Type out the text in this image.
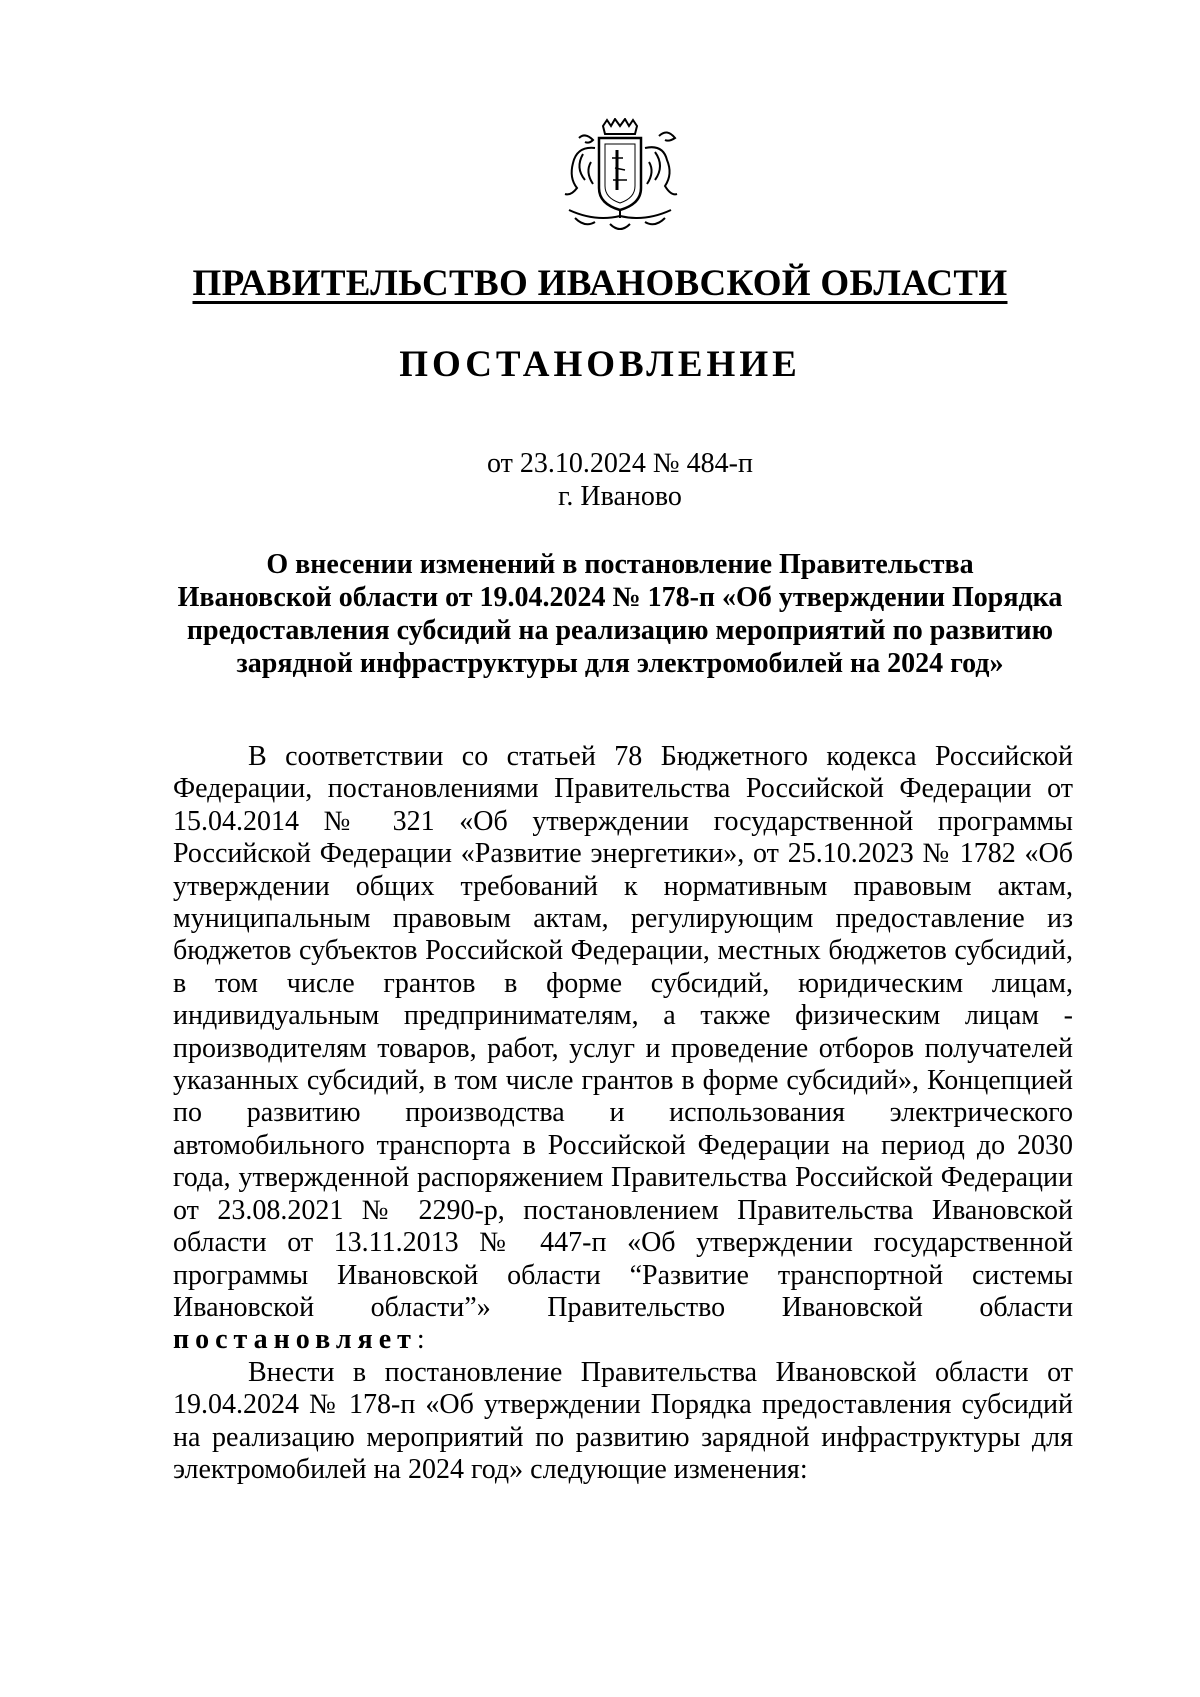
ПРАВИТЕЛЬСТВО ИВАНОВСКОЙ ОБЛАСТИ
ПОСТАНОВЛЕНИЕ
от 23.10.2024 № 484-п
г. Иваново
О внесении изменений в постановление Правительства
Ивановской области от 19.04.2024 № 178-п «Об утверждении Порядка
предоставления субсидий на реализацию мероприятий по развитию
зарядной инфраструктуры для электромобилей на 2024 год»

В соответствии со статьей 78 Бюджетного кодекса Российской Федерации, постановлениями Правительства Российской Федерации от 15.04.2014 № 321 «Об утверждении государственной программы Российской Федерации «Развитие энергетики», от 25.10.2023 № 1782 «Об утверждении общих требований к нормативным правовым актам, муниципальным правовым актам, регулирующим предоставление из бюджетов субъектов Российской Федерации, местных бюджетов субсидий, в том числе грантов в форме субсидий, юридическим лицам, индивидуальным предпринимателям, а также физическим лицам - производителям товаров, работ, услуг и проведение отборов получателей указанных субсидий, в том числе грантов в форме субсидий», Концепцией по развитию производства и использования электрического автомобильного транспорта в Российской Федерации на период до 2030 года, утвержденной распоряжением Правительства Российской Федерации от 23.08.2021 № 2290-р, постановлением Правительства Ивановской области от 13.11.2013 № 447-п «Об утверждении государственной программы Ивановской области “Развитие транспортной системы Ивановской области”» Правительство Ивановской области постановляет:

Внести в постановление Правительства Ивановской области от 19.04.2024 № 178-п «Об утверждении Порядка предоставления субсидий на реализацию мероприятий по развитию зарядной инфраструктуры для электромобилей на 2024 год» следующие изменения:
